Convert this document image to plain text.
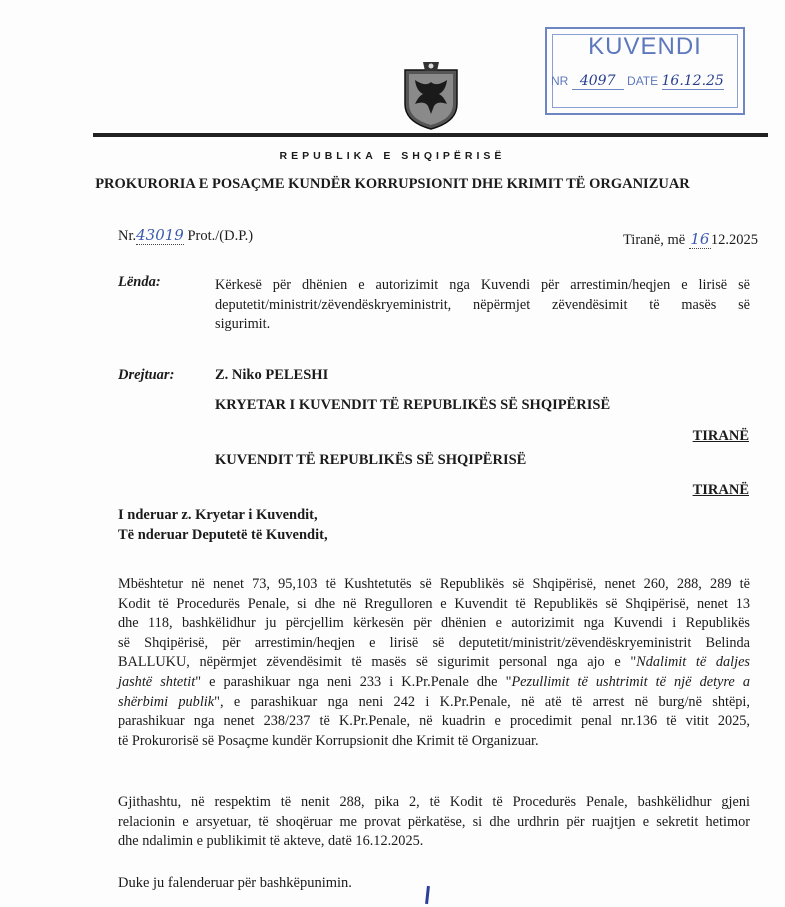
KUVENDI
NR 4097 DATE 16.12.25
REPUBLIKA E SHQIPËRISË
PROKURORIA E POSAÇME KUNDËR KORRUPSIONIT DHE KRIMIT TË ORGANIZUAR
Nr.43019 Prot./(D.P.)	Tiranë, më 1612.2025
Lënda:	Kërkesë për dhënien e autorizimit nga Kuvendi për arrestimin/heqjen e lirisë së
deputetit/ministrit/zëvendëskryeministrit, nëpërmjet zëvendësimit të masës së
sigurimit.
Drejtuar:	Z. Niko PELESHI
KRYETAR I KUVENDIT TË REPUBLIKËS SË SHQIPËRISË
TIRANË
KUVENDIT TË REPUBLIKËS SË SHQIPËRISË
TIRANË
I nderuar z. Kryetar i Kuvendit,
Të nderuar Deputetë të Kuvendit,
Mbështetur në nenet 73, 95,103 të Kushtetutës së Republikës së Shqipërisë, nenet 260, 288, 289 të
Kodit të Procedurës Penale, si dhe në Rregulloren e Kuvendit të Republikës së Shqipërisë, nenet 13
dhe 118, bashkëlidhur ju përcjellim kërkesën për dhënien e autorizimit nga Kuvendi i Republikës
së Shqipërisë, për arrestimin/heqjen e lirisë së deputetit/ministrit/zëvendëskryeministrit Belinda
BALLUKU, nëpërmjet zëvendësimit të masës së sigurimit personal nga ajo e "Ndalimit të daljes
jashtë shtetit" e parashikuar nga neni 233 i K.Pr.Penale dhe "Pezullimit të ushtrimit të një detyre a
shërbimi publik", e parashikuar nga neni 242 i K.Pr.Penale, në atë të arrest në burg/në shtëpi,
parashikuar nga nenet 238/237 të K.Pr.Penale, në kuadrin e procedimit penal nr.136 të vitit 2025,
të Prokurorisë së Posaçme kundër Korrupsionit dhe Krimit të Organizuar.
Gjithashtu, në respektim të nenit 288, pika 2, të Kodit të Procedurës Penale, bashkëlidhur gjeni
relacionin e arsyetuar, të shoqëruar me provat përkatëse, si dhe urdhrin për ruajtjen e sekretit hetimor
dhe ndalimin e publikimit të akteve, datë 16.12.2025.
Duke ju falenderuar për bashkëpunimin.
